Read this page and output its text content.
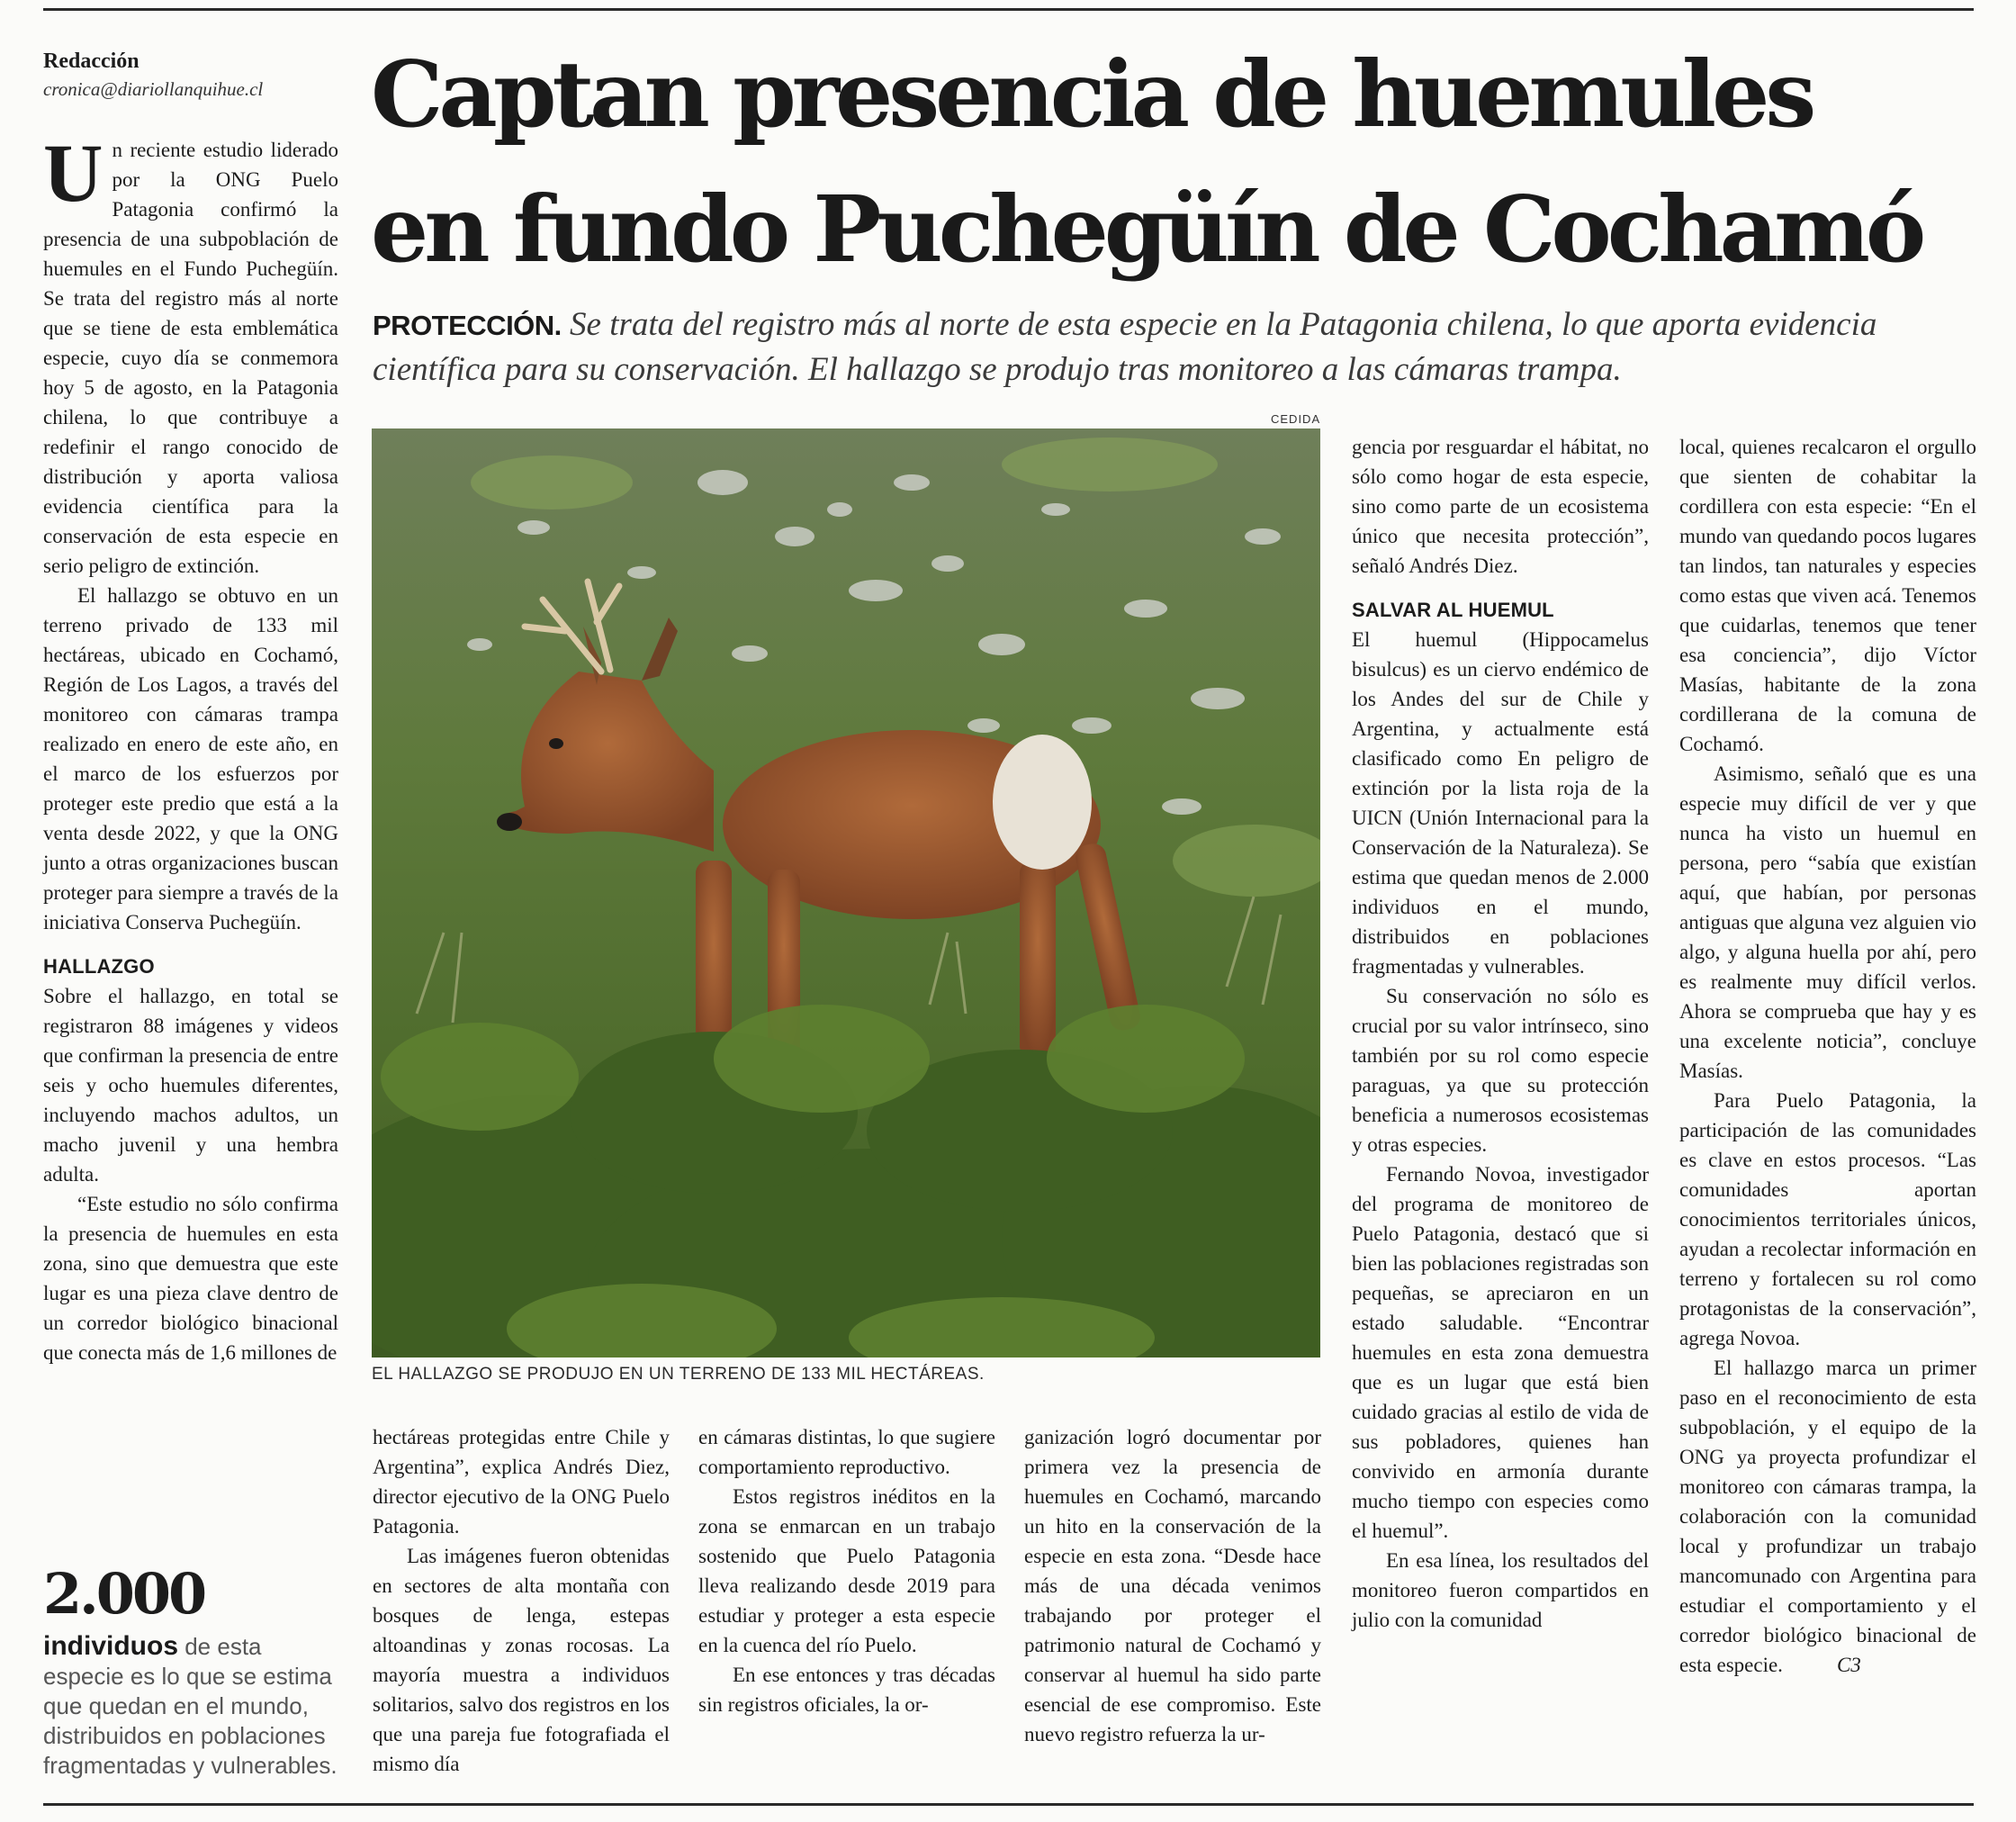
Redacción
cronica@diariollanquihue.cl	Captan presencia de huemules
en fundo Puchegüín de Cochamó
PROTECCIÓN. Se trata del registro más al norte de esta especie en la Patagonia chilena, lo que aporta evidencia científica para su conservación. El hallazgo se produjo tras monitoreo a las cámaras trampa.

Un reciente estudio liderado por la ONG Puelo Patagonia confirmó la presencia de una subpoblación de huemules en el Fundo Puchegüín. Se trata del registro más al norte que se tiene de esta emblemática especie, cuyo día se conmemora hoy 5 de agosto, en la Patagonia chilena, lo que contribuye a redefinir el rango conocido de distribución y aporta valiosa evidencia científica para la conservación de esta especie en serio peligro de extinción.

El hallazgo se obtuvo en un terreno privado de 133 mil hectáreas, ubicado en Cochamó, Región de Los Lagos, a través del monitoreo con cámaras trampa realizado en enero de este año, en el marco de los esfuerzos por proteger este predio que está a la venta desde 2022, y que la ONG junto a otras organizaciones buscan proteger para siempre a través de la iniciativa Conserva Puchegüín.

HALLAZGO

Sobre el hallazgo, en total se registraron 88 imágenes y videos que confirman la presencia de entre seis y ocho huemules diferentes, incluyendo machos adultos, un macho juvenil y una hembra adulta.

“Este estudio no sólo confirma la presencia de huemules en esta zona, sino que demuestra que este lugar es una pieza clave dentro de un corredor biológico binacional que conecta más de 1,6 millones de

2.000
individuos de esta especie es lo que se estima que quedan en el mundo, distribuidos en poblaciones fragmentadas y vulnerables.
CEDIDA
EL HALLAZGO SE PRODUJO EN UN TERRENO DE 133 MIL HECTÁREAS.

hectáreas protegidas entre Chile y Argentina”, explica Andrés Diez, director ejecutivo de la ONG Puelo Patagonia.

Las imágenes fueron obtenidas en sectores de alta montaña con bosques de lenga, estepas altoandinas y zonas rocosas. La mayoría muestra a individuos solitarios, salvo dos registros en los que una pareja fue fotografiada el mismo día

en cámaras distintas, lo que sugiere comportamiento reproductivo.

Estos registros inéditos en la zona se enmarcan en un trabajo sostenido que Puelo Patagonia lleva realizando desde 2019 para estudiar y proteger a esta especie en la cuenca del río Puelo.

En ese entonces y tras décadas sin registros oficiales, la or-

ganización logró documentar por primera vez la presencia de huemules en Cochamó, marcando un hito en la conservación de la especie en esta zona. “Desde hace más de una década venimos trabajando por proteger el patrimonio natural de Cochamó y conservar al huemul ha sido parte esencial de ese compromiso. Este nuevo registro refuerza la ur-

gencia por resguardar el hábitat, no sólo como hogar de esta especie, sino como parte de un ecosistema único que necesita protección”, señaló Andrés Diez.

SALVAR AL HUEMUL

El huemul (Hippocamelus bisulcus) es un ciervo endémico de los Andes del sur de Chile y Argentina, y actualmente está clasificado como En peligro de extinción por la lista roja de la UICN (Unión Internacional para la Conservación de la Naturaleza). Se estima que quedan menos de 2.000 individuos en el mundo, distribuidos en poblaciones fragmentadas y vulnerables.

Su conservación no sólo es crucial por su valor intrínseco, sino también por su rol como especie paraguas, ya que su protección beneficia a numerosos ecosistemas y otras especies.

Fernando Novoa, investigador del programa de monitoreo de Puelo Patagonia, destacó que si bien las poblaciones registradas son pequeñas, se apreciaron en un estado saludable. “Encontrar huemules en esta zona demuestra que es un lugar que está bien cuidado gracias al estilo de vida de sus pobladores, quienes han convivido en armonía durante mucho tiempo con especies como el huemul”.

En esa línea, los resultados del monitoreo fueron compartidos en julio con la comunidad

local, quienes recalcaron el orgullo que sienten de cohabitar la cordillera con esta especie: “En el mundo van quedando pocos lugares tan lindos, tan naturales y especies como estas que viven acá. Tenemos que cuidarlas, tenemos que tener esa conciencia”, dijo Víctor Masías, habitante de la zona cordillerana de la comuna de Cochamó.

Asimismo, señaló que es una especie muy difícil de ver y que nunca ha visto un huemul en persona, pero “sabía que existían aquí, que habían, por personas antiguas que alguna vez alguien vio algo, y alguna huella por ahí, pero es realmente muy difícil verlos. Ahora se comprueba que hay y es una excelente noticia”, concluye Masías.

Para Puelo Patagonia, la participación de las comunidades es clave en estos procesos. “Las comunidades aportan conocimientos territoriales únicos, ayudan a recolectar información en terreno y fortalecen su rol como protagonistas de la conservación”, agrega Novoa.

El hallazgo marca un primer paso en el reconocimiento de esta subpoblación, y el equipo de la ONG ya proyecta profundizar el monitoreo con cámaras trampa, la colaboración con la comunidad local y profundizar un trabajo mancomunado con Argentina para estudiar el comportamiento y el corredor biológico binacional de esta especie.	C3
